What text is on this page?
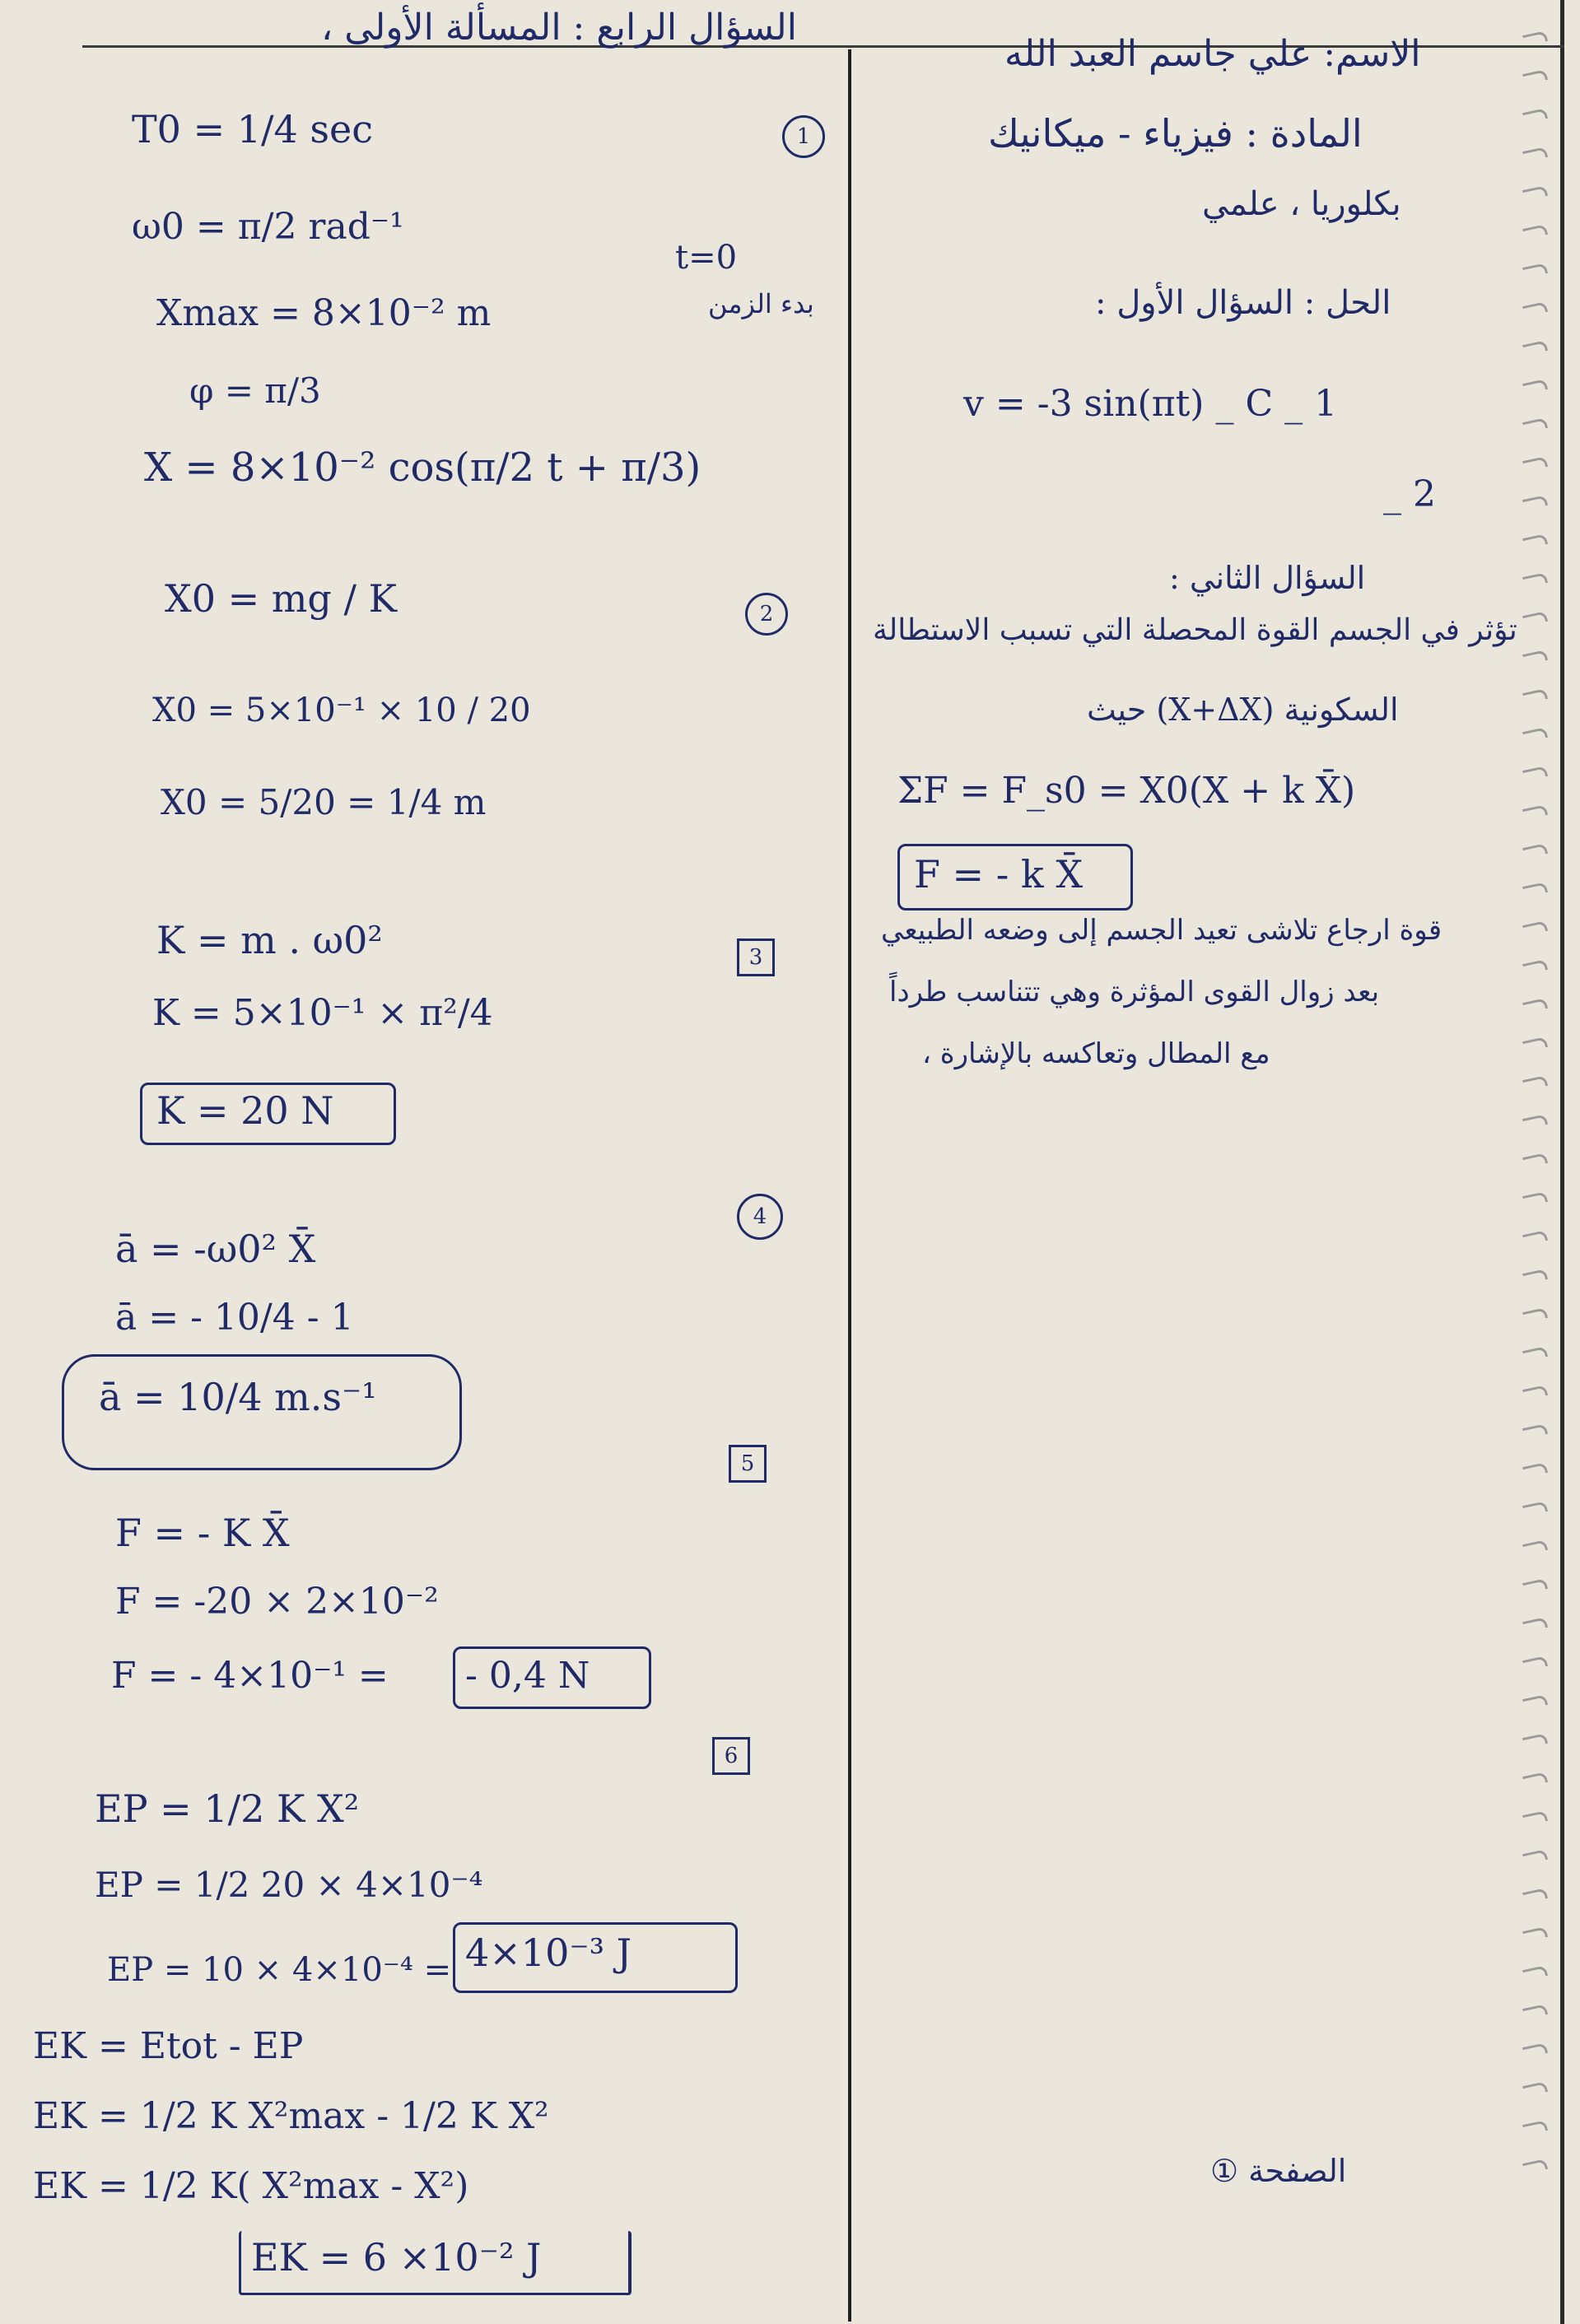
السؤال الرابع : المسألة الأولى ،
الاسم: علي جاسم العبد الله
المادة : فيزياء - ميكانيك
بكلوريا ، علمي
الحل : السؤال الأول :
v = -3 sin(πt) _ C _ 1
_ 2
السؤال الثاني :
تؤثر في الجسم القوة المحصلة التي تسبب الاستطالة
السكونية (X+ΔX) حيث
ΣF = F_s0 = X0(X + k X̄)
F = - k X̄
قوة ارجاع تلاشى تعيد الجسم إلى وضعه الطبيعي
بعد زوال القوى المؤثرة وهي تتناسب طرداً
مع المطال وتعاكسه بالإشارة ،
الصفحة ①
1
T0 = 1/4 sec
ω0 = π/2 rad⁻¹
t=0
بدء الزمن
Xmax = 8×10⁻² m
φ = π/3
X = 8×10⁻² cos(π/2 t + π/3)
2
X0 = mg / K
X0 = 5×10⁻¹ × 10 / 20
X0 = 5/20 = 1/4 m
3
K = m . ω0²
K = 5×10⁻¹ × π²/4
K = 20 N
4
ā = -ω0² X̄
ā = - 10/4 - 1
ā = 10/4 m.s⁻¹
5
F = - K X̄
F = -20 × 2×10⁻²
F = - 4×10⁻¹ = - 0,4 N
6
EP = 1/2 K X²
EP = 1/2 20 × 4×10⁻⁴
EP = 10 × 4×10⁻⁴ = 4×10⁻³ J
EK = Etot - EP
EK = 1/2 K X²max - 1/2 K X²
EK = 1/2 K( X²max - X²)
EK = 6 ×10⁻² J
